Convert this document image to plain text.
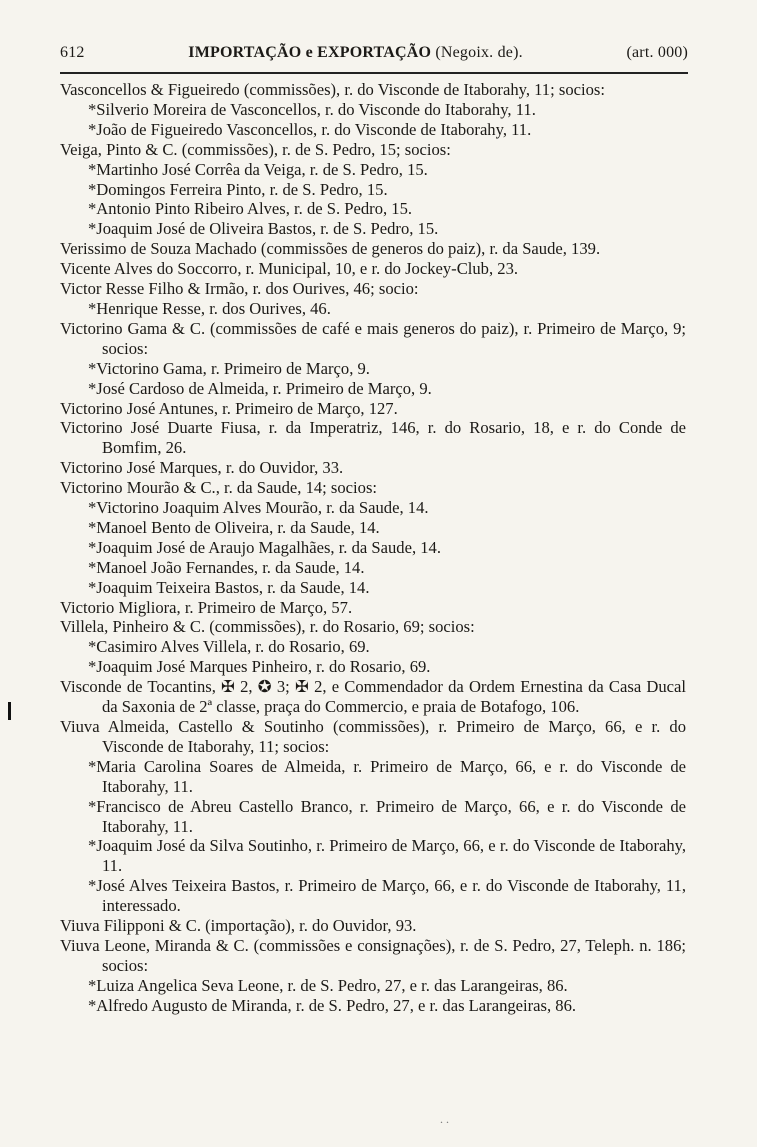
612	IMPORTAÇÃO e EXPORTAÇÃO (Negoix. de).	(art. 000)

Vasconcellos & Figueiredo (commissões), r. do Visconde de Itaborahy, 11; socios:

*Silverio Moreira de Vasconcellos, r. do Visconde do Itaborahy, 11.

*João de Figueiredo Vasconcellos, r. do Visconde de Itaborahy, 11.

Veiga, Pinto & C. (commissões), r. de S. Pedro, 15; socios:

*Martinho José Corrêa da Veiga, r. de S. Pedro, 15.

*Domingos Ferreira Pinto, r. de S. Pedro, 15.

*Antonio Pinto Ribeiro Alves, r. de S. Pedro, 15.

*Joaquim José de Oliveira Bastos, r. de S. Pedro, 15.

Verissimo de Souza Machado (commissões de generos do paiz), r. da Saude, 139.

Vicente Alves do Soccorro, r. Municipal, 10, e r. do Jockey-Club, 23.

Victor Resse Filho & Irmão, r. dos Ourives, 46; socio:

*Henrique Resse, r. dos Ourives, 46.

Victorino Gama & C. (commissões de café e mais generos do paiz), r. Primeiro de Março, 9; socios:

*Victorino Gama, r. Primeiro de Março, 9.

*José Cardoso de Almeida, r. Primeiro de Março, 9.

Victorino José Antunes, r. Primeiro de Março, 127.

Victorino José Duarte Fiusa, r. da Imperatriz, 146, r. do Rosario, 18, e r. do Conde de Bomfim, 26.

Victorino José Marques, r. do Ouvidor, 33.

Victorino Mourão & C., r. da Saude, 14; socios:

*Victorino Joaquim Alves Mourão, r. da Saude, 14.

*Manoel Bento de Oliveira, r. da Saude, 14.

*Joaquim José de Araujo Magalhães, r. da Saude, 14.

*Manoel João Fernandes, r. da Saude, 14.

*Joaquim Teixeira Bastos, r. da Saude, 14.

Victorio Migliora, r. Primeiro de Março, 57.

Villela, Pinheiro & C. (commissões), r. do Rosario, 69; socios:

*Casimiro Alves Villela, r. do Rosario, 69.

*Joaquim José Marques Pinheiro, r. do Rosario, 69.

Visconde de Tocantins, ✠ 2, ✪ 3; ✠ 2, e Commendador da Ordem Ernestina da Casa Ducal da Saxonia de 2ª classe, praça do Commercio, e praia de Botafogo, 106.

Viuva Almeida, Castello & Soutinho (commissões), r. Primeiro de Março, 66, e r. do Visconde de Itaborahy, 11; socios:

*Maria Carolina Soares de Almeida, r. Primeiro de Março, 66, e r. do Visconde de Itaborahy, 11.

*Francisco de Abreu Castello Branco, r. Primeiro de Março, 66, e r. do Visconde de Itaborahy, 11.

*Joaquim José da Silva Soutinho, r. Primeiro de Março, 66, e r. do Visconde de Itaborahy, 11.

*José Alves Teixeira Bastos, r. Primeiro de Março, 66, e r. do Visconde de Itaborahy, 11, interessado.

Viuva Filipponi & C. (importação), r. do Ouvidor, 93.

Viuva Leone, Miranda & C. (commissões e consignações), r. de S. Pedro, 27, Teleph. n. 186; socios:

*Luiza Angelica Seva Leone, r. de S. Pedro, 27, e r. das Larangeiras, 86.

*Alfredo Augusto de Miranda, r. de S. Pedro, 27, e r. das Larangeiras, 86.

. .
